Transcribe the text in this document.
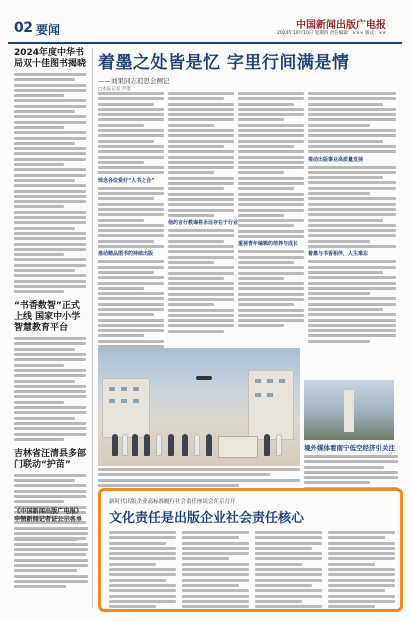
02 要闻	中国新闻出版广电报
2024年10月10日 星期四 责任编辑：××× 版式：××
2024年度中华书局双十佳图书揭晓
“书香数智”正式上线 国家中小学智慧教育平台
吉林省汪清县多部门联动“护苗”
《中国新闻出版广电报》申领新闻记者证公示名单
着墨之处皆是忆 字里行间满是情
——刘果同志追思会侧记
□本报记者 尹琨
悼念各位爱好“人书之合”
推动精品图书的持续出版
他的言行教诲将永远存在于行业
重视青年编辑的培养与成长
推动出版事业高质量发展
着墨与书香相伴，人生难忘
境外媒体看南宁低空经济引关注
新时代出版企业高标准履行社会责任座谈会在京召开
文化责任是出版企业社会责任核心
